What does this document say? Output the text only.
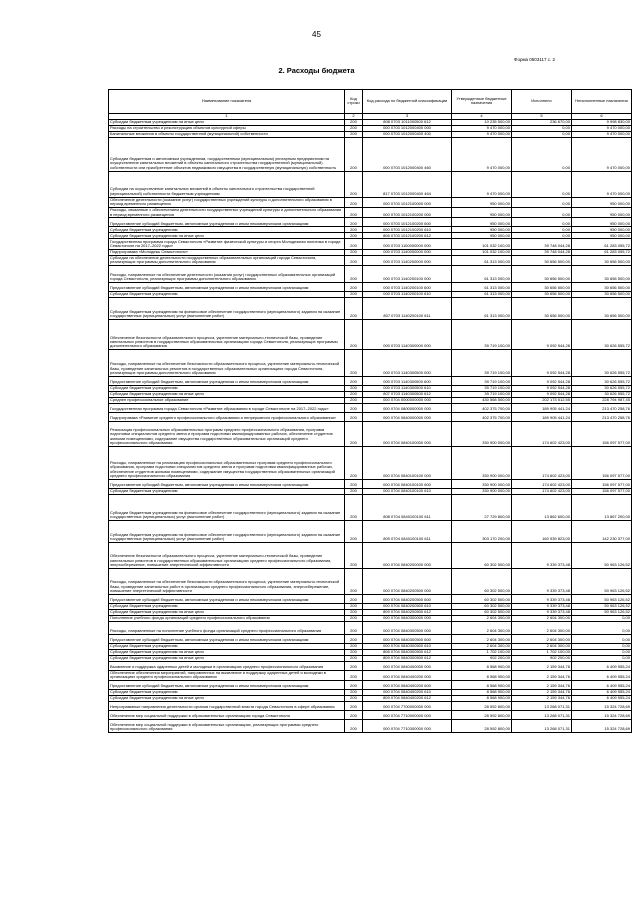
45
Форма 0503117 с. 2
2. Расходы бюджета
Наименование показателя	Код строки	Код расхода по бюджетной классификации	Утвержденные бюджетные назначения	Исполнено	Неисполненные назначения
1	2	3	4	5	6
Субсидии бюджетным учреждениям на иные цели	200	808 0703 1011000500 612	10 235 500,00	236 670,00	9 998 830,00
Расходы на строительство и реконструкцию объектов культурной сферы	200	000 0703 1012000400 000	9 470 000,00	0,00	9 470 000,00
Капитальные вложения в объекты государственной (муниципальной) собственности	200	000 0703 1012000400 400	9 470 000,00	0,00	9 470 000,00
Субсидии бюджетным и автономным учреждениям, государственным (муниципальным) унитарным предприятиям на осуществление капитальных вложений в объекты капитального строительства государственной (муниципальной) собственности или приобретение объектов недвижимого имущества в государственную (муниципальную) собственность	200	000 0703 1012000400 460	9 470 000,00	0,00	9 470 000,00
Субсидии на осуществление капитальных вложений в объекты капитального строительства государственной (муниципальной) собственности бюджетным учреждениям	200	817 0703 1012000400 464	9 470 000,00	0,00	9 470 000,00
Обеспечение деятельности (оказание услуг) государственных учреждений культуры и дополнительного образования в период временного размещения	200	000 0703 1012100000 000	950 000,00	0,00	950 000,00
Расходы, связанные с обеспечением деятельности государственных учреждений культуры и дополнительного образования в период временного размещения	200	000 0703 1012100200 000	950 000,00	0,00	950 000,00
Предоставление субсидий бюджетным, автономным учреждениям и иным некоммерческим организациям	200	000 0703 1012100200 600	950 000,00	0,00	950 000,00
Субсидии бюджетным учреждениям	200	000 0703 1012100200 610	950 000,00	0,00	950 000,00
Субсидии бюджетным учреждениям на иные цели	200	808 0703 1012100200 612	950 000,00	0,00	950 000,00
Государственная программа города Севастополя «Развитие физической культуры и спорта Молодежная политика в городе Севастополе на 2017–2022 годы»	200	000 0703 1100000000 000	101 032 100,00	39 748 044,28	61 283 055,72
Подпрограмма «Молодежь Севастополя»	200	000 0703 1140000000 000	101 032 100,00	39 748 044,28	61 283 055,72
Субсидии на обеспечение деятельности государственных образовательных организаций города Севастополя, реализующих программы дополнительного образования	200	000 0703 1140200000 000	61 313 000,00	30 656 500,00	30 656 500,00
Расходы, направленные на обеспечение деятельности (оказания услуг) государственных образовательных организаций города Севастополя, реализующих программы дополнительного образования	200	000 0703 1140200100 000	61 313 000,00	30 656 500,00	30 656 500,00
Предоставление субсидий бюджетным, автономным учреждениям и иным некоммерческим организациям	200	000 0703 1140200100 600	61 313 000,00	30 656 500,00	30 656 500,00
Субсидии бюджетным учреждениям	200	000 0703 1140200100 610	61 313 000,00	30 656 500,00	30 656 500,00
Субсидии бюджетным учреждениям на финансовое обеспечение государственного (муниципального) задания на оказание государственных (муниципальных) услуг (выполнение работ)	200	807 0703 1140200100 611	61 313 000,00	30 656 500,00	30 656 500,00
Обеспечение безопасности образовательного процесса, укрепление материально-технической базы, проведение капитальных ремонтов в государственных образовательных организациях города Севастополя, реализующих программы дополнительного образования	200	000 0703 1140300000 000	39 719 100,00	9 092 544,28	30 626 555,72
Расходы, направленные на обеспечение безопасности образовательного процесса, укрепление материально-технической базы, проведение капитальных ремонтов в государственных образовательных организациях города Севастополя, реализующих программы дополнительного образования	200	000 0703 1140300500 000	39 719 100,00	9 092 544,28	30 626 555,72
Предоставление субсидий бюджетным, автономным учреждениям и иным некоммерческим организациям	200	000 0703 1140300500 600	39 719 100,00	9 092 544,28	30 626 555,72
Субсидии бюджетным учреждениям	200	000 0703 1140300500 610	39 719 100,00	9 092 544,28	30 626 555,72
Субсидии бюджетным учреждениям на иные цели	200	807 0703 1140300500 612	39 719 100,00	9 092 544,28	30 626 555,72
Среднее профессиональное образование	200	000 0704 0000000000 000	430 568 500,00	202 173 512,55	228 794 987,45
Государственная программа города Севастополя «Развитие образования в городе Севастополе на 2017–2022 годы»	200	000 0704 0800000000 000	402 375 700,00	189 905 441,24	213 470 258,76
Подпрограмма «Развитие среднего профессионального образования и непрерывного профессионального образования»	200	000 0704 0840000000 000	402 375 700,00	189 905 441,24	213 470 258,76
Реализация профессиональных образовательных программ среднего профессионального образования, программ подготовки специалистов среднего звена и программ подготовки квалифицированных рабочих, обеспечение студентов жилыми помещениями, содержание имущества государственных образовательных организаций среднего профессионального образования	200	000 0704 0840100000 000	330 900 000,00	174 602 423,00	156 097 577,00
Расходы, направленные на реализацию профессиональных образовательных программ среднего профессионального образования, программ подготовки специалистов среднего звена и программ подготовки квалифицированных рабочих, обеспечение студентов жилыми помещениями, содержание имущества государственных образовательных организаций среднего профессионального образования	200	000 0704 0840100100 000	330 900 000,00	174 602 423,00	156 097 577,00
Предоставление субсидий бюджетным, автономным учреждениям и иным некоммерческим организациям	200	000 0704 0840100100 600	330 900 000,00	174 602 423,00	156 097 577,00
Субсидии бюджетным учреждениям	200	000 0704 0840100100 610	330 900 000,00	174 602 423,00	156 097 577,00
Субсидии бюджетным учреждениям на финансовое обеспечение государственного (муниципального) задания на оказание государственных (муниципальных) услуг (выполнение работ)	200	808 0704 0840100100 611	27 729 800,00	13 862 600,00	13 867 200,00
Субсидии бюджетным учреждениям на финансовое обеспечение государственного (муниципального) задания на оказание государственных (муниципальных) услуг (выполнение работ)	200	809 0704 0840100100 611	303 170 200,00	160 939 823,00	142 230 377,00
Обеспечение безопасности образовательного процесса, укрепление материально-технической базы, проведение капитальных ремонтов в государственных образовательных организациях среднего профессионального образования, энергосбережение, повышение энергетической эффективности	200	000 0704 0840200000 000	60 302 500,00	9 339 373,48	50 963 126,52
Расходы, направленные на обеспечение безопасности образовательного процесса, укрепление материально-технической базы, проведение капитальных работ в организациях среднего профессионального образования, энергосбережение, повышение энергетической эффективности	200	000 0704 0840200500 000	60 302 500,00	9 339 373,48	50 963 126,52
Предоставление субсидий бюджетным, автономным учреждениям и иным некоммерческим организациям	200	000 0704 0840200500 600	60 302 500,00	9 339 373,48	50 963 126,52
Субсидии бюджетным учреждениям	200	000 0704 0840200500 610	60 302 500,00	9 339 373,48	50 963 126,52
Субсидии бюджетным учреждениям на иные цели	200	809 0704 0840200500 612	60 302 500,00	9 339 373,48	50 963 126,52
Пополнение учебного фонда организаций среднего профессионального образования	200	000 0704 0840300000 000	2 604 300,00	2 604 300,00	0,00
Расходы, направленные на пополнение учебного фонда организаций среднего профессионального образования	200	000 0704 0840300500 000	2 604 300,00	2 604 300,00	0,00
Предоставление субсидий бюджетным, автономным учреждениям и иным некоммерческим организациям	200	000 0704 0840300500 600	2 604 300,00	2 604 300,00	0,00
Субсидии бюджетным учреждениям	200	000 0704 0840300500 610	2 604 300,00	2 604 300,00	0,00
Субсидии бюджетным учреждениям на иные цели	200	808 0704 0840300500 612	1 702 100,00	1 702 100,00	0,00
Субсидии бюджетным учреждениям на иные цели	200	809 0704 0840300500 612	902 200,00	902 200,00	0,00
Выявление и поддержка одаренных детей и молодежи в организациях среднего профессионального образования	200	000 0704 0840400000 000	8 568 900,00	2 159 344,76	6 409 555,24
Обеспечение обеспечения мероприятий, направленных на выявление и поддержку одаренных детей и молодежи в организациях среднего профессионального образования	200	000 0704 0840400200 000	8 568 900,00	2 159 344,76	6 409 555,24
Предоставление субсидий бюджетным, автономным учреждениям и иным некоммерческим организациям	200	000 0704 0840400200 600	8 568 900,00	2 159 344,76	6 409 555,24
Субсидии бюджетным учреждениям	200	000 0704 0840400200 610	8 568 900,00	2 159 344,76	6 409 555,24
Субсидии бюджетным учреждениям на иные цели	200	809 0704 0840400200 612	8 568 900,00	2 159 344,76	6 409 555,24
Непрограммные направления деятельности органов государственной власти города Севастополя в сфере образования	200	000 0704 7700000000 000	28 592 800,00	13 268 071,31	15 324 728,69
Обеспечение мер социальной поддержки в образовательных организациях города Севастополя	200	000 0704 7710000000 000	28 592 800,00	13 268 071,31	15 324 728,69
Обеспечение мер социальной поддержки в образовательных организациях, реализующих программы среднего профессионального образования	200	000 0704 7710300000 000	28 592 800,00	13 268 071,31	15 324 728,69
